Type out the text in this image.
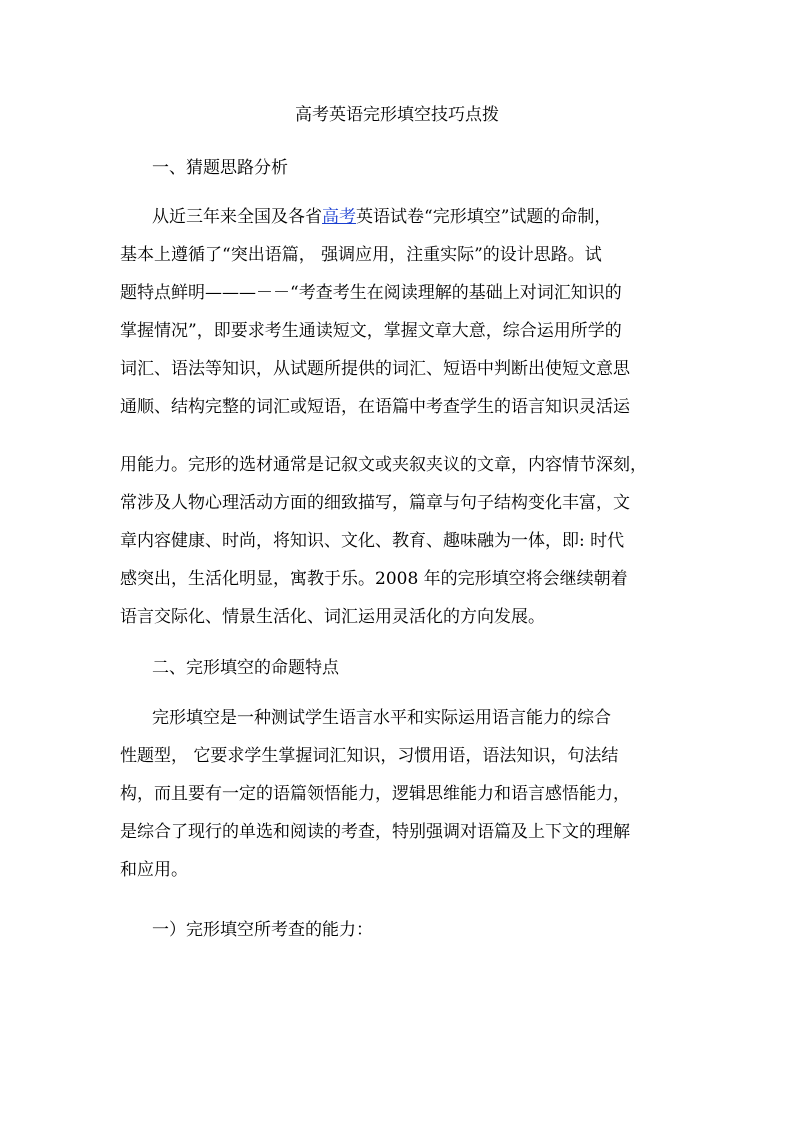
高考英语完形填空技巧点拨
一、猜题思路分析
从近三年来全国及各省高考英语试卷“完形填空”试题的命制，
基本上遵循了“突出语篇， 强调应用，注重实际”的设计思路。试
题特点鲜明———－－“考查考生在阅读理解的基础上对词汇知识的
掌握情况”，即要求考生通读短文，掌握文章大意，综合运用所学的
词汇、语法等知识，从试题所提供的词汇、短语中判断出使短文意思
通顺、结构完整的词汇或短语，在语篇中考查学生的语言知识灵活运
用能力。完形的选材通常是记叙文或夹叙夹议的文章，内容情节深刻，
常涉及人物心理活动方面的细致描写，篇章与句子结构变化丰富，文
章内容健康、时尚，将知识、文化、教育、趣味融为一体，即: 时代
感突出，生活化明显，寓教于乐。2008 年的完形填空将会继续朝着
语言交际化、情景生活化、词汇运用灵活化的方向发展。
二、完形填空的命题特点
完形填空是一种测试学生语言水平和实际运用语言能力的综合
性题型， 它要求学生掌握词汇知识，习惯用语，语法知识，句法结
构，而且要有一定的语篇领悟能力，逻辑思维能力和语言感悟能力，
是综合了现行的单选和阅读的考查，特别强调对语篇及上下文的理解
和应用。
一）完形填空所考查的能力：
